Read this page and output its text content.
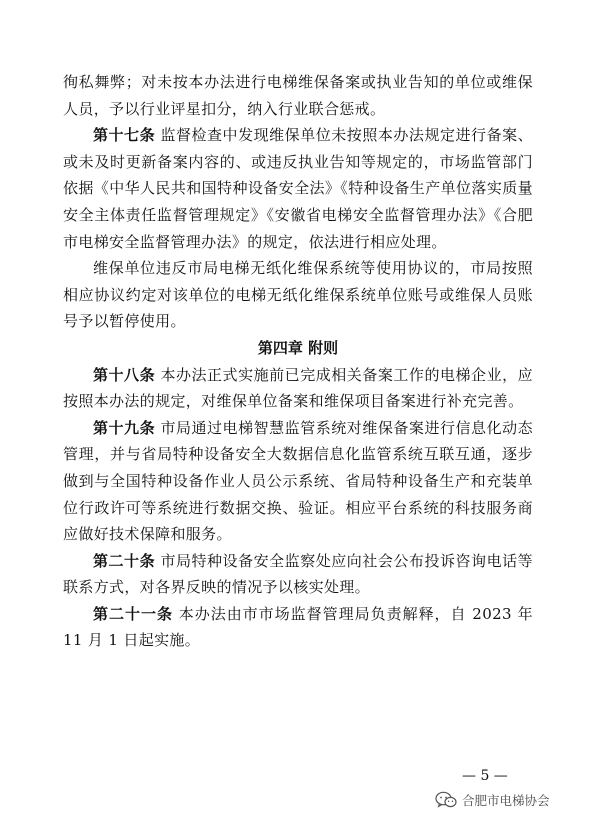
徇私舞弊；对未按本办法进行电梯维保备案或执业告知的单位或维保人员，予以行业评星扣分，纳入行业联合惩戒。

第十七条 监督检查中发现维保单位未按照本办法规定进行备案、或未及时更新备案内容的、或违反执业告知等规定的，市场监管部门依据《中华人民共和国特种设备安全法》《特种设备生产单位落实质量安全主体责任监督管理规定》《安徽省电梯安全监督管理办法》《合肥市电梯安全监督管理办法》的规定，依法进行相应处理。

维保单位违反市局电梯无纸化维保系统等使用协议的，市局按照相应协议约定对该单位的电梯无纸化维保系统单位账号或维保人员账号予以暂停使用。

第四章 附则

第十八条 本办法正式实施前已完成相关备案工作的电梯企业，应按照本办法的规定，对维保单位备案和维保项目备案进行补充完善。

第十九条 市局通过电梯智慧监管系统对维保备案进行信息化动态管理，并与省局特种设备安全大数据信息化监管系统互联互通，逐步做到与全国特种设备作业人员公示系统、省局特种设备生产和充装单位行政许可等系统进行数据交换、验证。相应平台系统的科技服务商应做好技术保障和服务。

第二十条 市局特种设备安全监察处应向社会公布投诉咨询电话等联系方式，对各界反映的情况予以核实处理。

第二十一条 本办法由市市场监督管理局负责解释，自 2023 年 11 月 1 日起实施。

— 5 —
合肥市电梯协会
